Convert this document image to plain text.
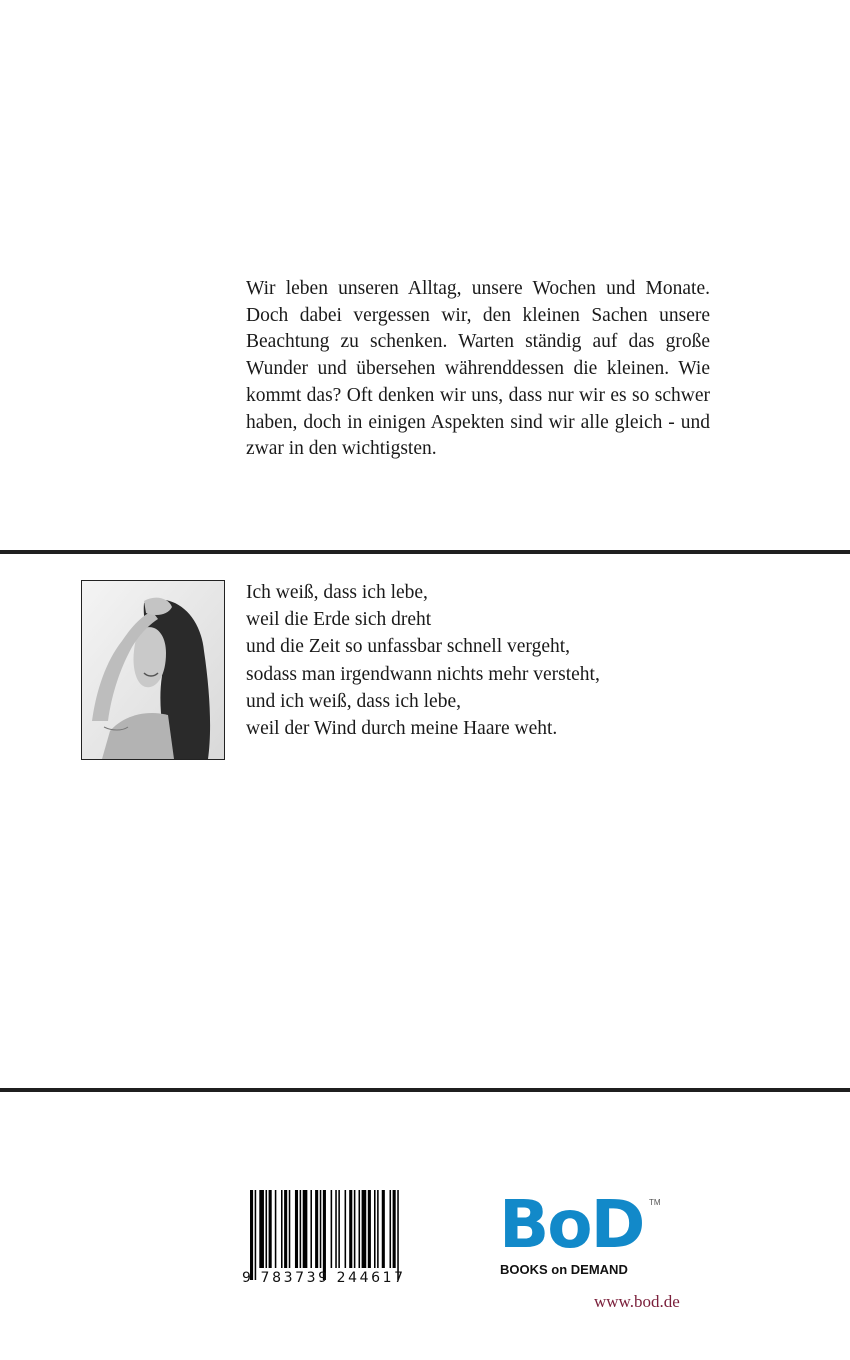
Wir leben unseren Alltag, unsere Wochen und Monate. Doch dabei vergessen wir, den kleinen Sachen unsere Beachtung zu schenken. Warten ständig auf das große Wunder und übersehen währenddessen die kleinen. Wie kommt das? Oft denken wir uns, dass nur wir es so schwer haben, doch in einigen Aspekten sind wir alle gleich - und zwar in den wichtigsten.

Ich weiß, dass ich lebe,
weil die Erde sich dreht
und die Zeit so unfassbar schnell vergeht,
sodass man irgendwann nichts mehr versteht,
und ich weiß, dass ich lebe,
weil der Wind durch meine Haare weht.
9 783739 244617
BoD TM
BOOKS on DEMAND
www.bod.de
